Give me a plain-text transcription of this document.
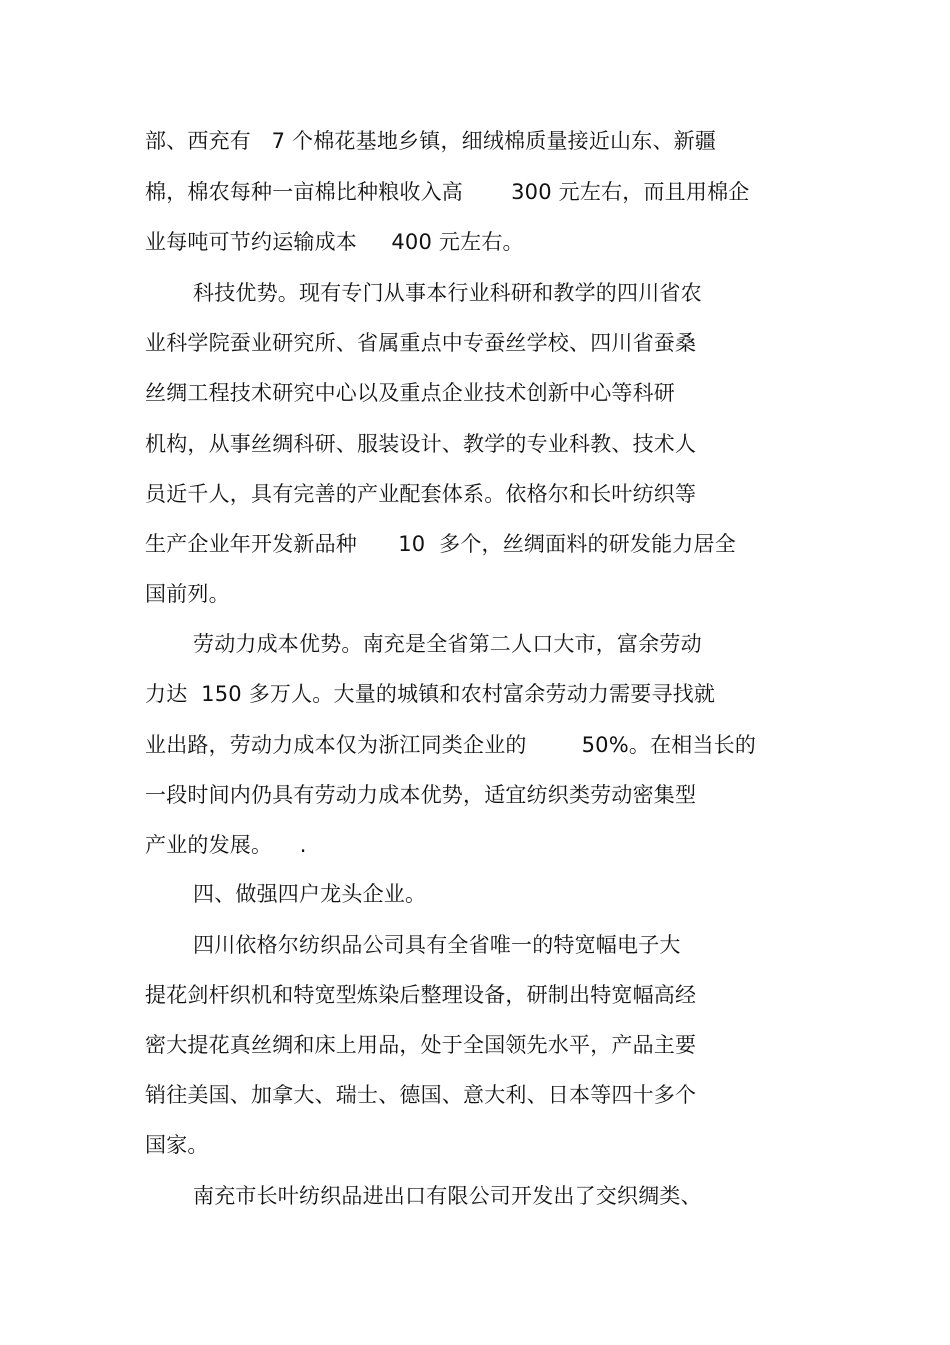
部、西充有   7 个棉花基地乡镇，细绒棉质量接近山东、新疆
棉，棉农每种一亩棉比种粮收入高       300 元左右，而且用棉企
业每吨可节约运输成本     400 元左右。
科技优势。现有专门从事本行业科研和教学的四川省农
业科学院蚕业研究所、省属重点中专蚕丝学校、四川省蚕桑
丝绸工程技术研究中心以及重点企业技术创新中心等科研
机构，从事丝绸科研、服装设计、教学的专业科教、技术人
员近千人，具有完善的产业配套体系。依格尔和长叶纺织等
生产企业年开发新品种      10  多个，丝绸面料的研发能力居全
国前列。
劳动力成本优势。南充是全省第二人口大市，富余劳动
力达  150 多万人。大量的城镇和农村富余劳动力需要寻找就
业出路，劳动力成本仅为浙江同类企业的        50%。在相当长的
一段时间内仍具有劳动力成本优势，适宜纺织类劳动密集型
产业的发展。    .
四、做强四户龙头企业。
四川依格尔纺织品公司具有全省唯一的特宽幅电子大
提花剑杆织机和特宽型炼染后整理设备，研制出特宽幅高经
密大提花真丝绸和床上用品，处于全国领先水平，产品主要
销往美国、加拿大、瑞士、德国、意大利、日本等四十多个
国家。
南充市长叶纺织品进出口有限公司开发出了交织绸类、
